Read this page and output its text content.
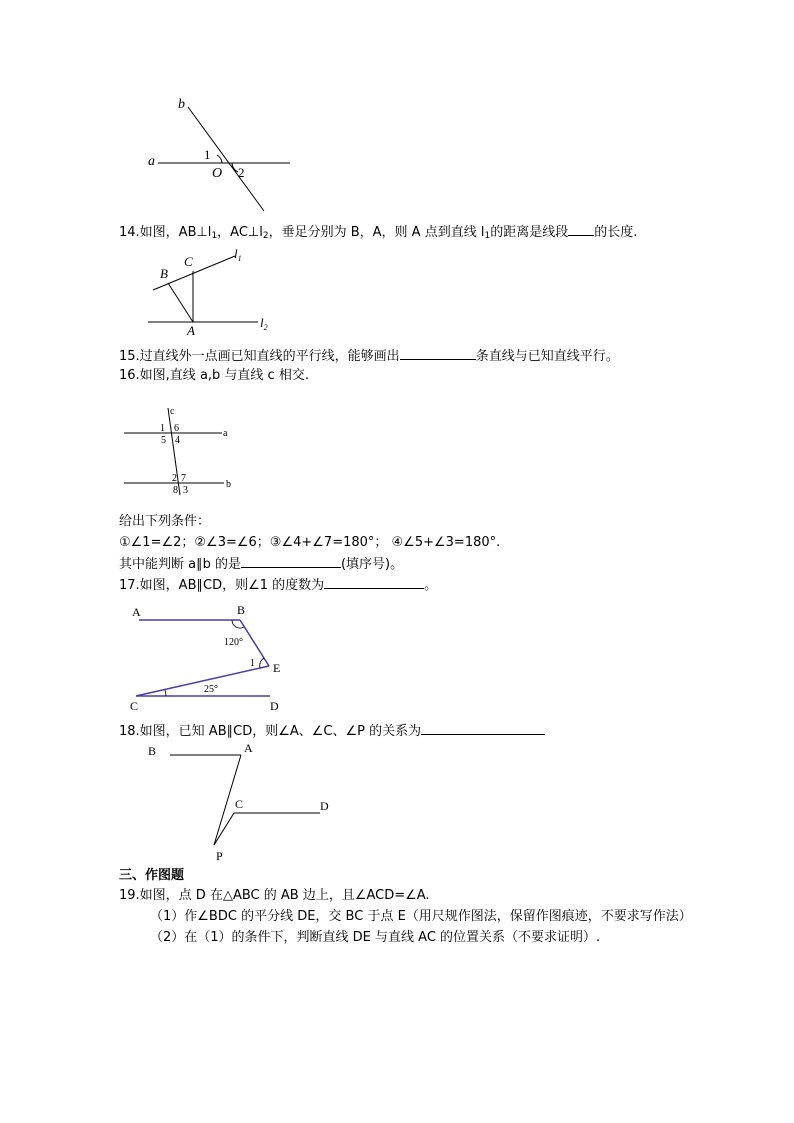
a
b
1
O 2
14.如图，$AB\perp l_1$，$AC\perp l_2$，垂足分别为 B，A，则 A 点到直线 $l_1$的距离是线段 的长度.
C
B
A
$l_1$
$l_2$
15.过直线外一点画已知直线的平行线，能够画出	条直线与已知直线平行。
16.如图,直线 a,b 与直线 c 相交.
c
a
b
1 6
5 4
2 7
8 3
给出下列条件：
①∠1=∠2；②∠3=∠6；③∠4+∠7=180°； ④∠5+∠3=180°.
其中能判断 a∥b 的是	(填序号)。
17.如图，AB∥CD，则∠1 的度数为	。
A	B
120°
1 E
25°
C	D
18.如图，已知 AB∥CD，则∠A、∠C、∠P 的关系为
B	A
C	D
P
三、作图题
19.如图，点 D 在△ABC 的 AB 边上，且∠ACD=∠A.
（1）作∠BDC 的平分线 DE，交 BC 于点 E（用尺规作图法，保留作图痕迹，不要求写作法）
（2）在（1）的条件下，判断直线 DE 与直线 AC 的位置关系（不要求证明）.
